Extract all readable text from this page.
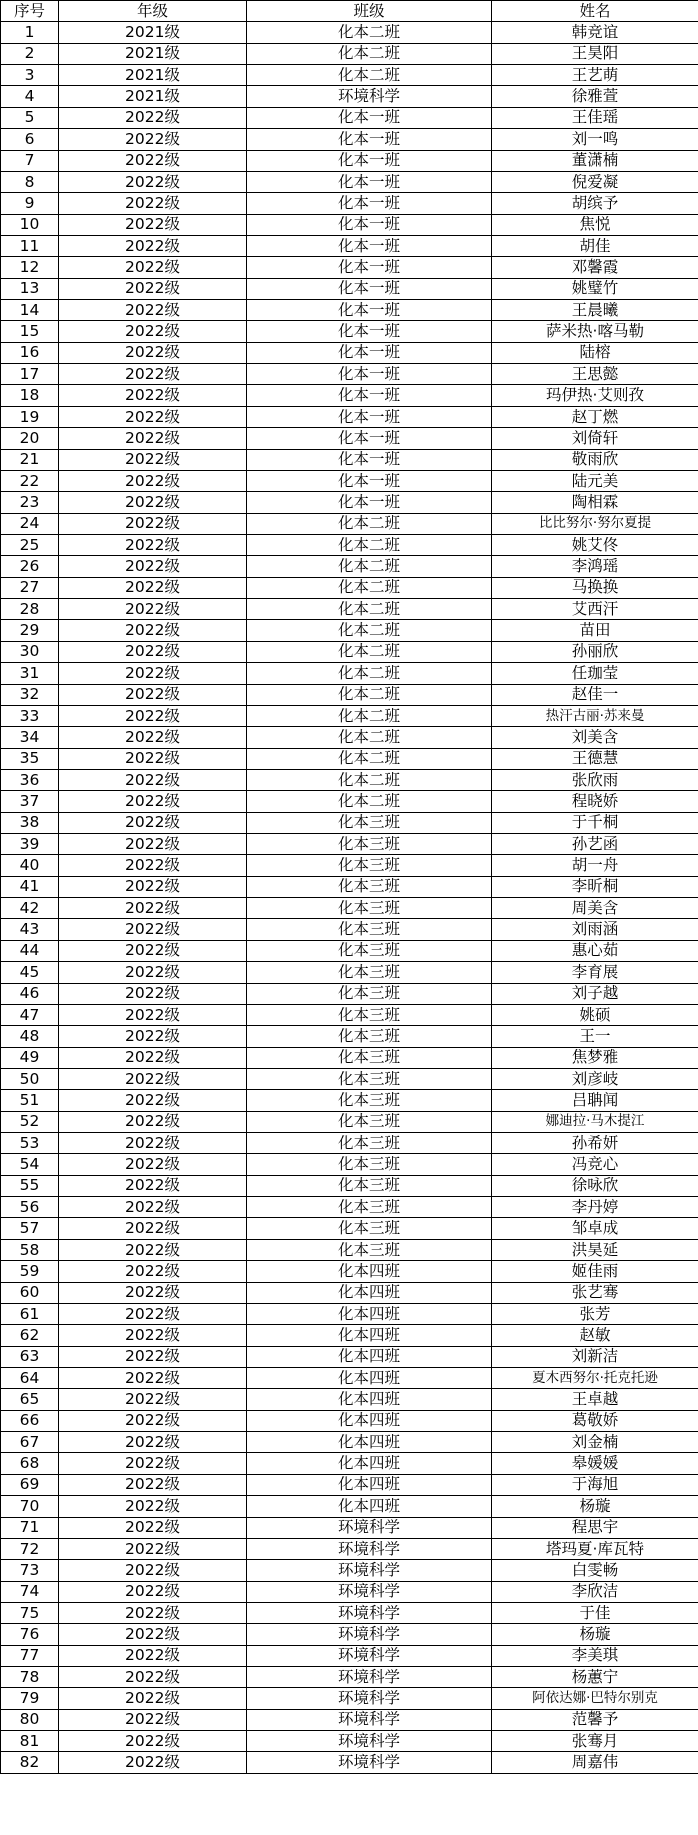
序号	年级	班级	姓名
1	2021级	化本二班	韩竞谊
2	2021级	化本二班	王昊阳
3	2021级	化本二班	王艺萌
4	2021级	环境科学	徐雅萱
5	2022级	化本一班	王佳瑶
6	2022级	化本一班	刘一鸣
7	2022级	化本一班	董潇楠
8	2022级	化本一班	倪爱凝
9	2022级	化本一班	胡缤予
10	2022级	化本一班	焦悦
11	2022级	化本一班	胡佳
12	2022级	化本一班	邓馨霞
13	2022级	化本一班	姚璧竹
14	2022级	化本一班	王晨曦
15	2022级	化本一班	萨米热·喀马勒
16	2022级	化本一班	陆榕
17	2022级	化本一班	王思懿
18	2022级	化本一班	玛伊热·艾则孜
19	2022级	化本一班	赵丁燃
20	2022级	化本一班	刘倚轩
21	2022级	化本一班	敬雨欣
22	2022级	化本一班	陆元美
23	2022级	化本一班	陶相霖
24	2022级	化本二班	比比努尔·努尔夏提
25	2022级	化本二班	姚艾佟
26	2022级	化本二班	李鸿瑶
27	2022级	化本二班	马换换
28	2022级	化本二班	艾西汗
29	2022级	化本二班	苗田
30	2022级	化本二班	孙丽欣
31	2022级	化本二班	任珈莹
32	2022级	化本二班	赵佳一
33	2022级	化本二班	热汗古丽·苏来曼
34	2022级	化本二班	刘美含
35	2022级	化本二班	王德慧
36	2022级	化本二班	张欣雨
37	2022级	化本二班	程晓娇
38	2022级	化本三班	于千桐
39	2022级	化本三班	孙艺函
40	2022级	化本三班	胡一舟
41	2022级	化本三班	李昕桐
42	2022级	化本三班	周美含
43	2022级	化本三班	刘雨涵
44	2022级	化本三班	惠心茹
45	2022级	化本三班	李育展
46	2022级	化本三班	刘子越
47	2022级	化本三班	姚硕
48	2022级	化本三班	王一
49	2022级	化本三班	焦梦雅
50	2022级	化本三班	刘彦岐
51	2022级	化本三班	吕聃闻
52	2022级	化本三班	娜迪拉·马木提江
53	2022级	化本三班	孙希妍
54	2022级	化本三班	冯竞心
55	2022级	化本三班	徐咏欣
56	2022级	化本三班	李丹婷
57	2022级	化本三班	邹卓成
58	2022级	化本三班	洪昊延
59	2022级	化本四班	姬佳雨
60	2022级	化本四班	张艺骞
61	2022级	化本四班	张芳
62	2022级	化本四班	赵敏
63	2022级	化本四班	刘新洁
64	2022级	化本四班	夏木西努尔·托克托逊
65	2022级	化本四班	王卓越
66	2022级	化本四班	葛敬娇
67	2022级	化本四班	刘金楠
68	2022级	化本四班	皋媛媛
69	2022级	化本四班	于海旭
70	2022级	化本四班	杨璇
71	2022级	环境科学	程思宇
72	2022级	环境科学	塔玛夏·库瓦特
73	2022级	环境科学	白雯畅
74	2022级	环境科学	李欣洁
75	2022级	环境科学	于佳
76	2022级	环境科学	杨璇
77	2022级	环境科学	李美琪
78	2022级	环境科学	杨蕙宁
79	2022级	环境科学	阿依达娜·巴特尔别克
80	2022级	环境科学	范馨予
81	2022级	环境科学	张骞月
82	2022级	环境科学	周嘉伟
